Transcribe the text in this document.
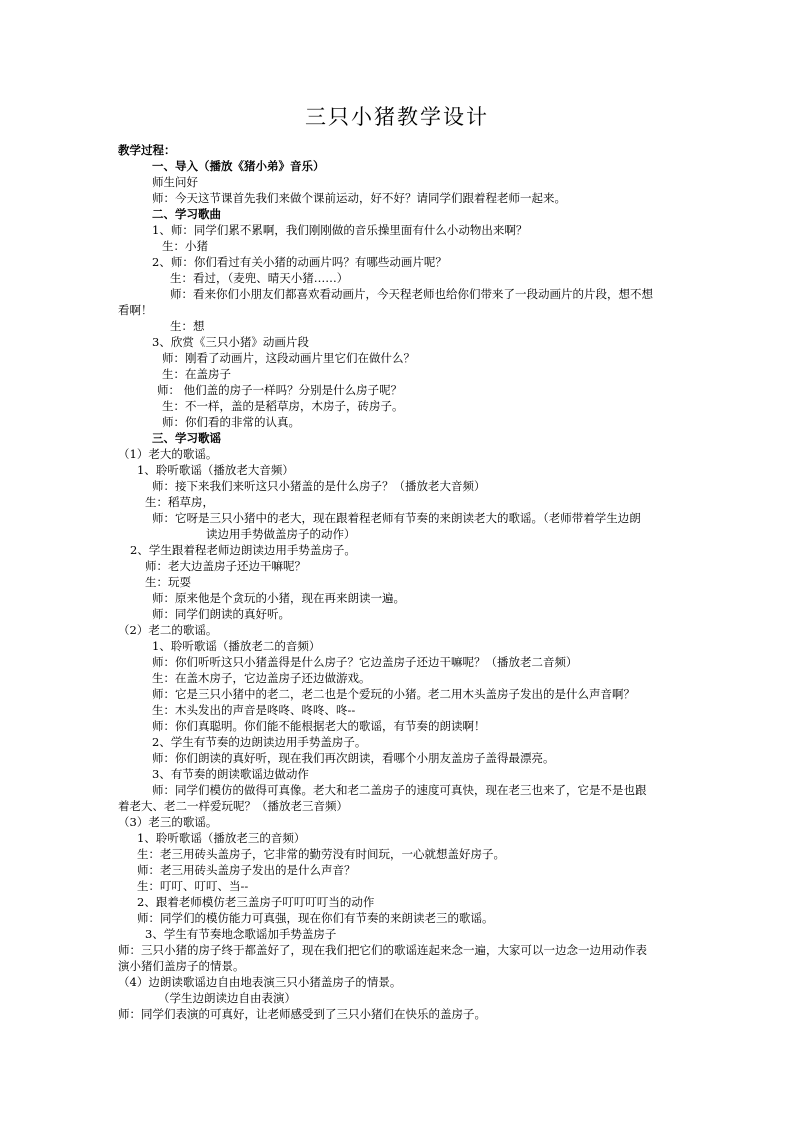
三只小猪教学设计
教学过程：
一、导入（播放《猪小弟》音乐）
师生问好
师：今天这节课首先我们来做个课前运动，好不好？请同学们跟着程老师一起来。
二、学习歌曲
1、师：同学们累不累啊，我们刚刚做的音乐操里面有什么小动物出来啊？
生：小猪
2、师：你们看过有关小猪的动画片吗？有哪些动画片呢？
生：看过，（麦兜、晴天小猪……）
师：看来你们小朋友们都喜欢看动画片，今天程老师也给你们带来了一段动画片的片段，想不想
看啊！
生：想
3、欣赏《三只小猪》动画片段
师：刚看了动画片，这段动画片里它们在做什么？
生：在盖房子
师： 他们盖的房子一样吗？分别是什么房子呢？
生：不一样，盖的是稻草房，木房子，砖房子。
师：你们看的非常的认真。
三、学习歌谣
（1）老大的歌谣。
1、聆听歌谣（播放老大音频）
师：接下来我们来听这只小猪盖的是什么房子？（播放老大音频）
生：稻草房，
师：它呀是三只小猪中的老大，现在跟着程老师有节奏的来朗读老大的歌谣。（老师带着学生边朗
读边用手势做盖房子的动作）
2、学生跟着程老师边朗读边用手势盖房子。
师：老大边盖房子还边干嘛呢？
生：玩耍
师：原来他是个贪玩的小猪，现在再来朗读一遍。
师：同学们朗读的真好听。
（2）老二的歌谣。
1、聆听歌谣（播放老二的音频）
师：你们听听这只小猪盖得是什么房子？它边盖房子还边干嘛呢？（播放老二音频）
生：在盖木房子，它边盖房子还边做游戏。
师：它是三只小猪中的老二，老二也是个爱玩的小猪。老二用木头盖房子发出的是什么声音啊？
生：木头发出的声音是咚咚、咚咚、咚--
师：你们真聪明。你们能不能根据老大的歌谣，有节奏的朗读啊！
2、学生有节奏的边朗读边用手势盖房子。
师：你们朗读的真好听，现在我们再次朗读，看哪个小朋友盖房子盖得最漂亮。
3、有节奏的朗读歌谣边做动作
师：同学们模仿的做得可真像。老大和老二盖房子的速度可真快，现在老三也来了，它是不是也跟
着老大、老二一样爱玩呢？（播放老三音频）
（3）老三的歌谣。
1、聆听歌谣（播放老三的音频）
生：老三用砖头盖房子，它非常的勤劳没有时间玩，一心就想盖好房子。
师：老三用砖头盖房子发出的是什么声音？
生：叮叮、叮叮、当--
2、跟着老师模仿老三盖房子叮叮叮叮当的动作
师：同学们的模仿能力可真强，现在你们有节奏的来朗读老三的歌谣。
3、学生有节奏地念歌谣加手势盖房子
师：三只小猪的房子终于都盖好了，现在我们把它们的歌谣连起来念一遍，大家可以一边念一边用动作表
演小猪们盖房子的情景。
（4）边朗读歌谣边自由地表演三只小猪盖房子的情景。
（学生边朗读边自由表演）
师：同学们表演的可真好，让老师感受到了三只小猪们在快乐的盖房子。
